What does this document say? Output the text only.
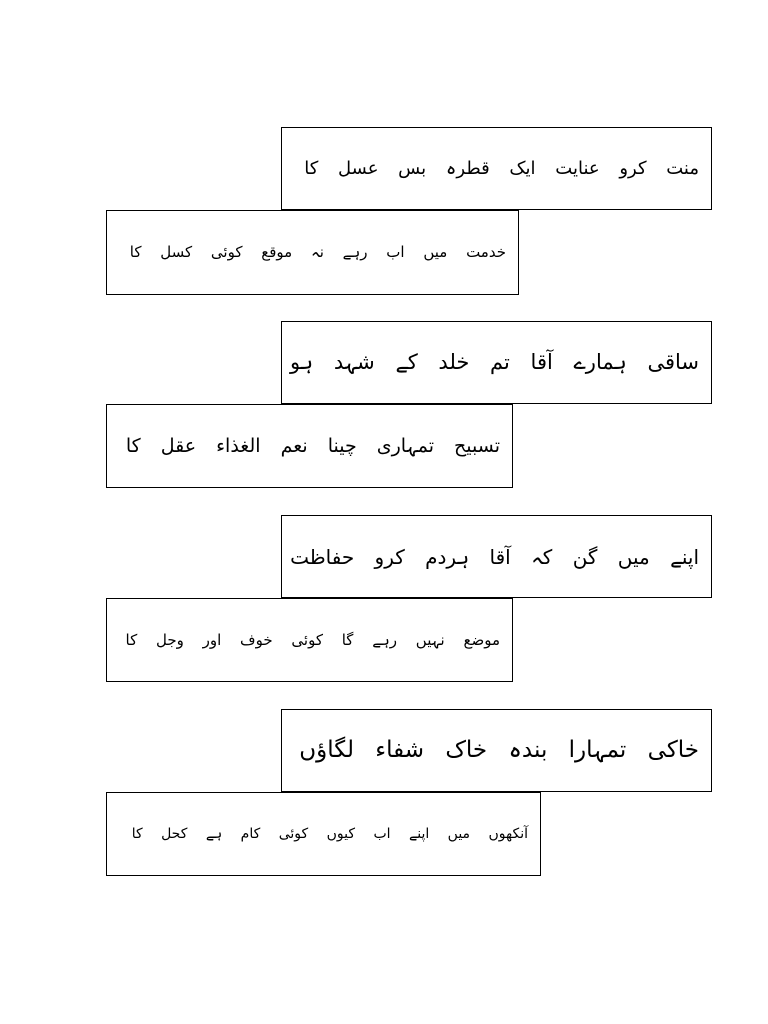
منت کرو عنایت ایک قطرہ بس عسل کا
خدمت میں اب رہے نہ موقع کوئی کسل کا
ساقی ہمارے آقا تم خلد کے شہد ہو
تسبیح تمہاری چینا نعم الغذاء عقل کا
اپنے میں گن کہ آقا ہردم کرو حفاظت
موضع نہیں رہے گا کوئی خوف اور وجل کا
خاکی تمہارا بندہ خاک شفاء لگاؤں
آنکھوں میں اپنے اب کیوں کوئی کام ہے کحل کا
